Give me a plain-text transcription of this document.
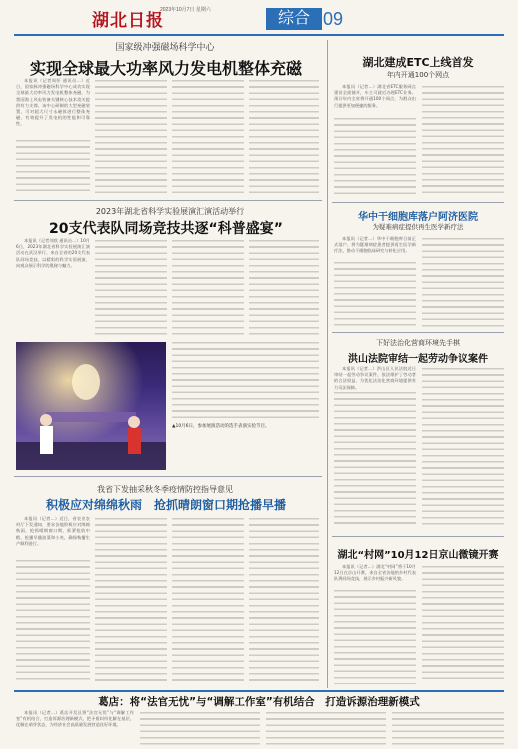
湖北日报
2023年10月7日 星期六	综合 09
国家级冲强磁场科学中心
实现全球最大功率风力发电机整体充磁

本报讯（记者周怀 通讯员…）近日，国家脉冲强磁场科学中心成功实现全球最大功率风力发电机整体充磁，为我国海上风电装备关键核心技术攻关提供有力支撑。该中心研制的大型充磁装置，可对超大尺寸永磁体进行整体充磁，有效提升了发电机的性能和可靠性。

2023年湖北省科学实验展演汇演活动举行
20支代表队同场竞技共逐“科普盛宴”

本报讯（记者刘欣 通讯员…）10月6日，2023年湖北省科学实验展演汇演活动在武汉举行。来自全省的20支代表队同场竞技，以精彩的科学实验展演，向观众展示科学的奥秘与魅力。

▲10月6日，参加展演活动的选手表演实验节目。
我省下发抽采秋冬季疫情防控指导意见
积极应对绵绵秋雨　抢抓晴朗窗口期抢播早播

本报讯（记者…）近日，省农业农村厅下发通知，要求各地积极应对绵绵秋雨，抢抓晴朗窗口期，抓紧抢收中稻，抢播早播油菜和小麦，确保秋播生产顺利进行。

湖北建成ETC上线首发
年内开通100个网点

本报讯（记者…）湖北省ETC服务网点建设全面铺开，车主可就近办理ETC业务。预计年内全省将开通100个网点，为群众出行提供更加便捷的服务。

华中干细胞库落户阿济医院
为疑难病症提供再生医学新疗法

本报讯（记者…）华中干细胞库日前正式落户，将为疑难病症患者提供再生医学新疗法，推动干细胞临床研究与转化应用。

下好法治化营商环境先手棋
洪山法院审结一起劳动争议案件

本报讯（记者…）洪山区人民法院近日审结一起劳动争议案件，依法维护了劳动者的合法权益，为优化法治化营商环境提供有力司法保障。

湖北“村网”10月12日京山微镜开赛

本报讯（记者…）湖北“村网”将于10月12日在京山开赛，来自全省各地的乡村代表队将同场竞技，展示乡村振兴新风貌。

葛店：将“法官无忧”与“调解工作室”有机结合　打造诉源治理新模式

本报讯（记者…）葛店开发区将“法官无忧”与“调解工作室”有机结合，打造诉源治理新模式，把矛盾纠纷化解在基层、化解在萌芽状态，为经济社会高质量发展营造良好环境。
